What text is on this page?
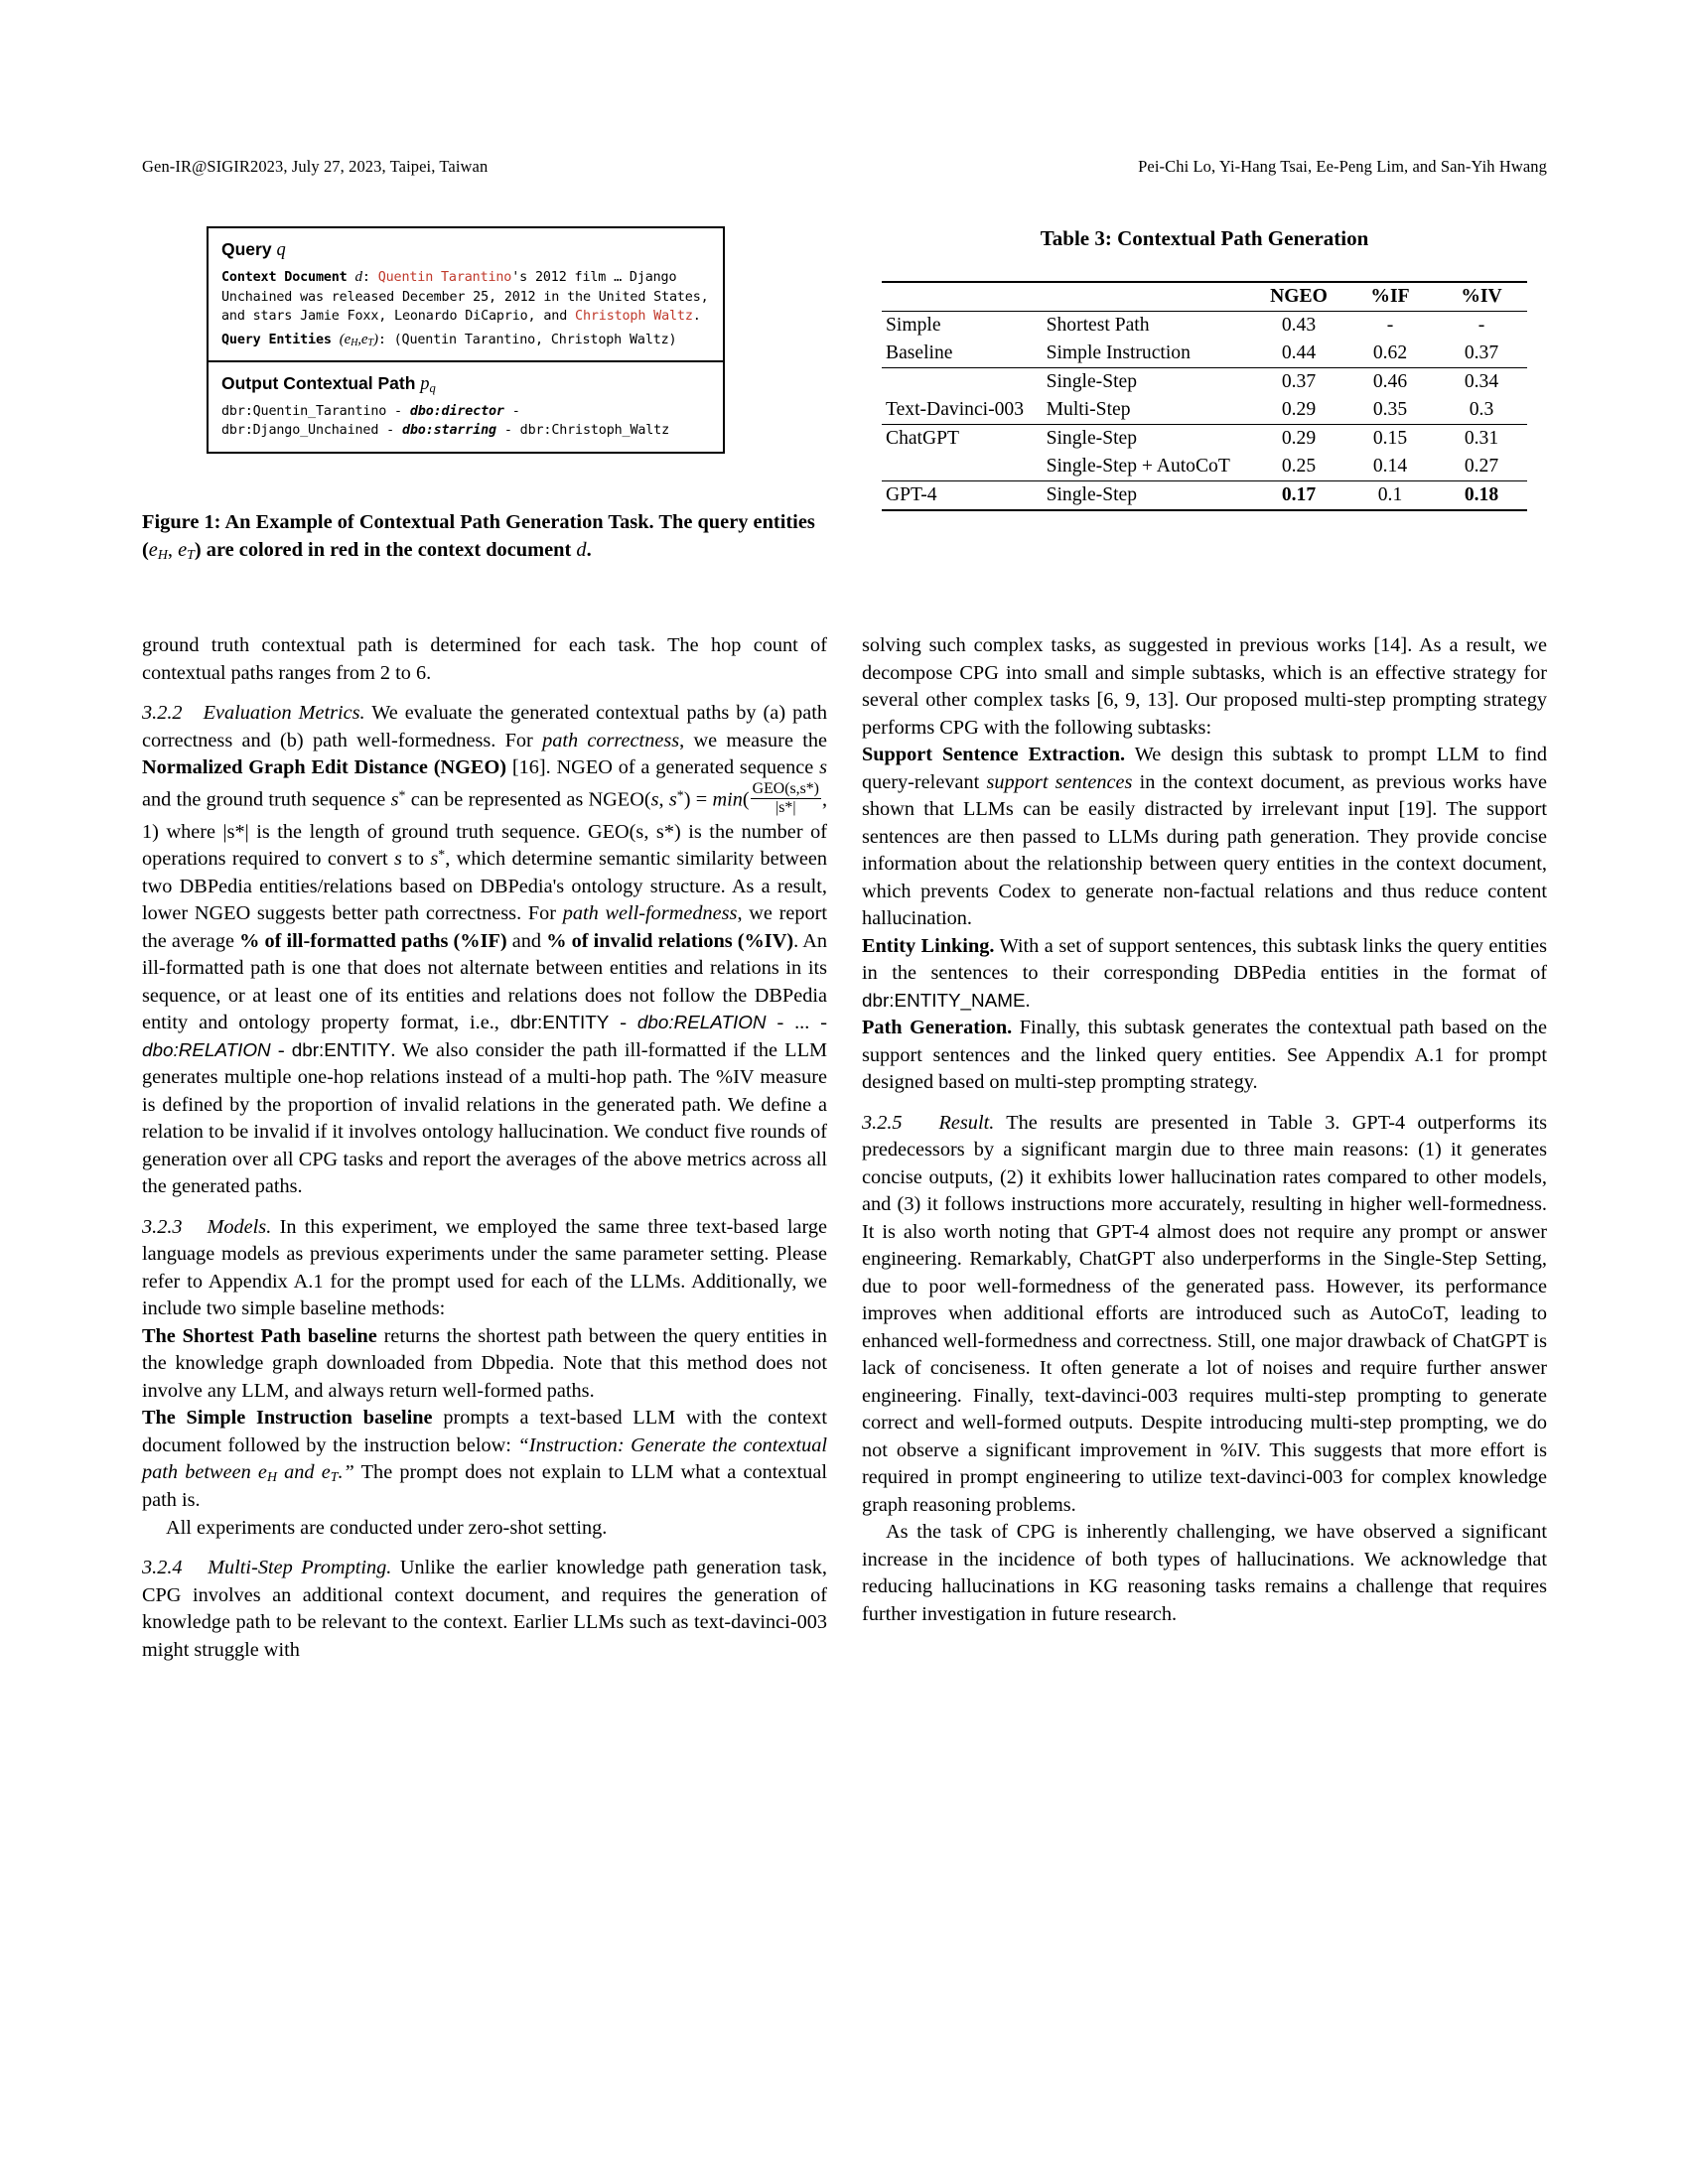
Gen-IR@SIGIR2023, July 27, 2023, Taipei, Taiwan	Pei-Chi Lo, Yi-Hang Tsai, Ee-Peng Lim, and San-Yih Hwang
Query q
Context Document d: Quentin Tarantino's 2012 film … Django Unchained was released December 25, 2012 in the United States, and stars Jamie Foxx, Leonardo DiCaprio, and Christoph Waltz.
Query Entities $(e_H,e_T)$: (Quentin Tarantino, Christoph Waltz)
Output Contextual Path $p_q$
dbr:Quentin_Tarantino - dbo:director -
dbr:Django_Unchained - dbo:starring - dbr:Christoph_Waltz
Figure 1: An Example of Contextual Path Generation Task. The query entities ($e_H$, $e_T$) are colored in red in the context document d.
Table 3: Contextual Path Generation
		NGEO	%IF	%IV
Simple	Shortest Path	0.43	-	-
Baseline	Simple Instruction	0.44	0.62	0.37
	Single-Step	0.37	0.46	0.34
Text-Davinci-003	Multi-Step	0.29	0.35	0.3
ChatGPT	Single-Step	0.29	0.15	0.31
	Single-Step + AutoCoT	0.25	0.14	0.27
GPT-4	Single-Step	0.17	0.1	0.18

ground truth contextual path is determined for each task. The hop count of contextual paths ranges from 2 to 6.

3.2.2 Evaluation Metrics. We evaluate the generated contextual paths by (a) path correctness and (b) path well-formedness. For path correctness, we measure the Normalized Graph Edit Distance (NGEO) [16]. NGEO of a generated sequence s and the ground truth sequence s* can be represented as NGEO(s, $s^*) = \min( \frac{\text{GEO(s,s*)}}{|s*|}$ , 1) where |s*| is the length of ground truth sequence. GEO(s, s*) is the number of operations required to convert s to s*, which determine semantic similarity between two DBPedia entities/relations based on DBPedia's ontology structure. As a result, lower NGEO suggests better path correctness. For path well-formedness, we report the average % of ill-formatted paths (%IF) and % of invalid relations (%IV). An ill-formatted path is one that does not alternate between entities and relations in its sequence, or at least one of its entities and relations does not follow the DBPedia entity and ontology property format, i.e., dbr:ENTITY - dbo:RELATION - ... - dbo:RELATION - dbr:ENTITY. We also consider the path ill-formatted if the LLM generates multiple one-hop relations instead of a multi-hop path. The %IV measure is defined by the proportion of invalid relations in the generated path. We define a relation to be invalid if it involves ontology hallucination. We conduct five rounds of generation over all CPG tasks and report the averages of the above metrics across all the generated paths.

3.2.3 Models. In this experiment, we employed the same three text-based large language models as previous experiments under the same parameter setting. Please refer to Appendix A.1 for the prompt used for each of the LLMs. Additionally, we include two simple baseline methods:

The Shortest Path baseline returns the shortest path between the query entities in the knowledge graph downloaded from Dbpedia. Note that this method does not involve any LLM, and always return well-formed paths.

The Simple Instruction baseline prompts a text-based LLM with the context document followed by the instruction below: “Instruction: Generate the contextual path between $e_H$ and $e_T$.” The prompt does not explain to LLM what a contextual path is.

All experiments are conducted under zero-shot setting.

3.2.4 Multi-Step Prompting. Unlike the earlier knowledge path generation task, CPG involves an additional context document, and requires the generation of knowledge path to be relevant to the context. Earlier LLMs such as text-davinci-003 might struggle with

solving such complex tasks, as suggested in previous works [14]. As a result, we decompose CPG into small and simple subtasks, which is an effective strategy for several other complex tasks [6, 9, 13]. Our proposed multi-step prompting strategy performs CPG with the following subtasks:

Support Sentence Extraction. We design this subtask to prompt LLM to find query-relevant support sentences in the context document, as previous works have shown that LLMs can be easily distracted by irrelevant input [19]. The support sentences are then passed to LLMs during path generation. They provide concise information about the relationship between query entities in the context document, which prevents Codex to generate non-factual relations and thus reduce content hallucination.

Entity Linking. With a set of support sentences, this subtask links the query entities in the sentences to their corresponding DBPedia entities in the format of dbr:ENTITY_NAME.

Path Generation. Finally, this subtask generates the contextual path based on the support sentences and the linked query entities. See Appendix A.1 for prompt designed based on multi-step prompting strategy.

3.2.5 Result. The results are presented in Table 3. GPT-4 outperforms its predecessors by a significant margin due to three main reasons: (1) it generates concise outputs, (2) it exhibits lower hallucination rates compared to other models, and (3) it follows instructions more accurately, resulting in higher well-formedness. It is also worth noting that GPT-4 almost does not require any prompt or answer engineering. Remarkably, ChatGPT also underperforms in the Single-Step Setting, due to poor well-formedness of the generated pass. However, its performance improves when additional efforts are introduced such as AutoCoT, leading to enhanced well-formedness and correctness. Still, one major drawback of ChatGPT is lack of conciseness. It often generate a lot of noises and require further answer engineering. Finally, text-davinci-003 requires multi-step prompting to generate correct and well-formed outputs. Despite introducing multi-step prompting, we do not observe a significant improvement in %IV. This suggests that more effort is required in prompt engineering to utilize text-davinci-003 for complex knowledge graph reasoning problems.

As the task of CPG is inherently challenging, we have observed a significant increase in the incidence of both types of hallucinations. We acknowledge that reducing hallucinations in KG reasoning tasks remains a challenge that requires further investigation in future research.
